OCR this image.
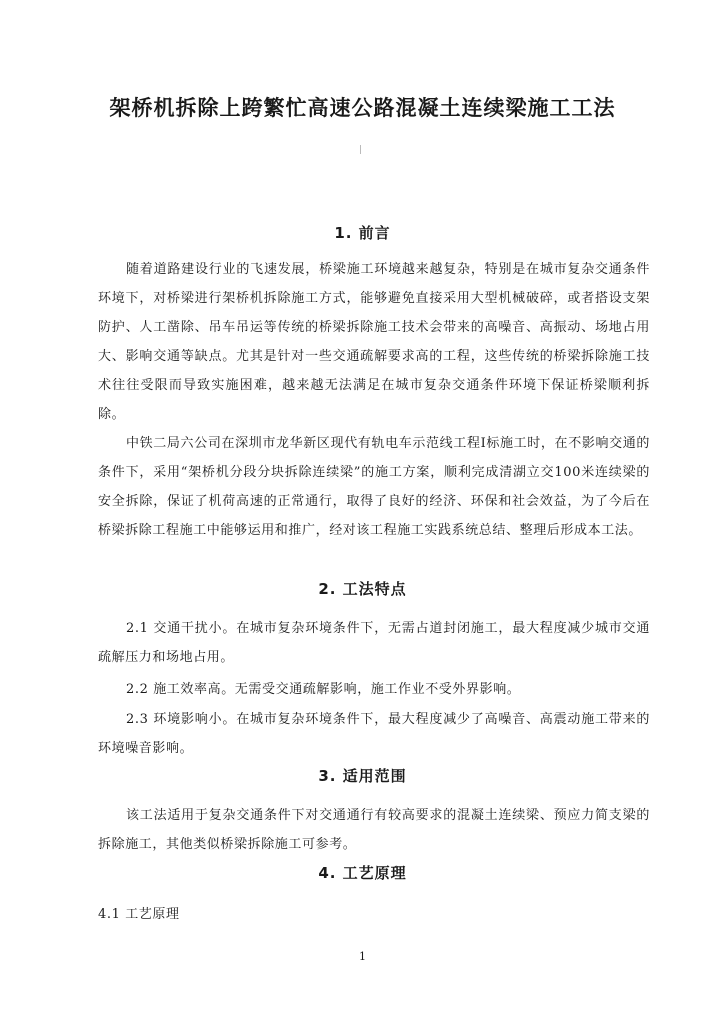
架桥机拆除上跨繁忙高速公路混凝土连续梁施工工法
1. 前言
随着道路建设行业的飞速发展，桥梁施工环境越来越复杂，特别是在城市复杂交通条件环境下，对桥梁进行架桥机拆除施工方式，能够避免直接采用大型机械破碎，或者搭设支架防护、人工凿除、吊车吊运等传统的桥梁拆除施工技术会带来的高噪音、高振动、场地占用大、影响交通等缺点。尤其是针对一些交通疏解要求高的工程，这些传统的桥梁拆除施工技术往往受限而导致实施困难，越来越无法满足在城市复杂交通条件环境下保证桥梁顺利拆除。
中铁二局六公司在深圳市龙华新区现代有轨电车示范线工程Ⅰ标施工时，在不影响交通的条件下，采用“架桥机分段分块拆除连续梁”的施工方案，顺利完成清湖立交100米连续梁的安全拆除，保证了机荷高速的正常通行，取得了良好的经济、环保和社会效益，为了今后在桥梁拆除工程施工中能够运用和推广，经对该工程施工实践系统总结、整理后形成本工法。
2. 工法特点
2.1 交通干扰小。在城市复杂环境条件下，无需占道封闭施工，最大程度减少城市交通疏解压力和场地占用。
2.2 施工效率高。无需受交通疏解影响，施工作业不受外界影响。
2.3 环境影响小。在城市复杂环境条件下，最大程度减少了高噪音、高震动施工带来的环境噪音影响。
3. 适用范围
该工法适用于复杂交通条件下对交通通行有较高要求的混凝土连续梁、预应力简支梁的拆除施工，其他类似桥梁拆除施工可参考。
4. 工艺原理
4.1 工艺原理
1
